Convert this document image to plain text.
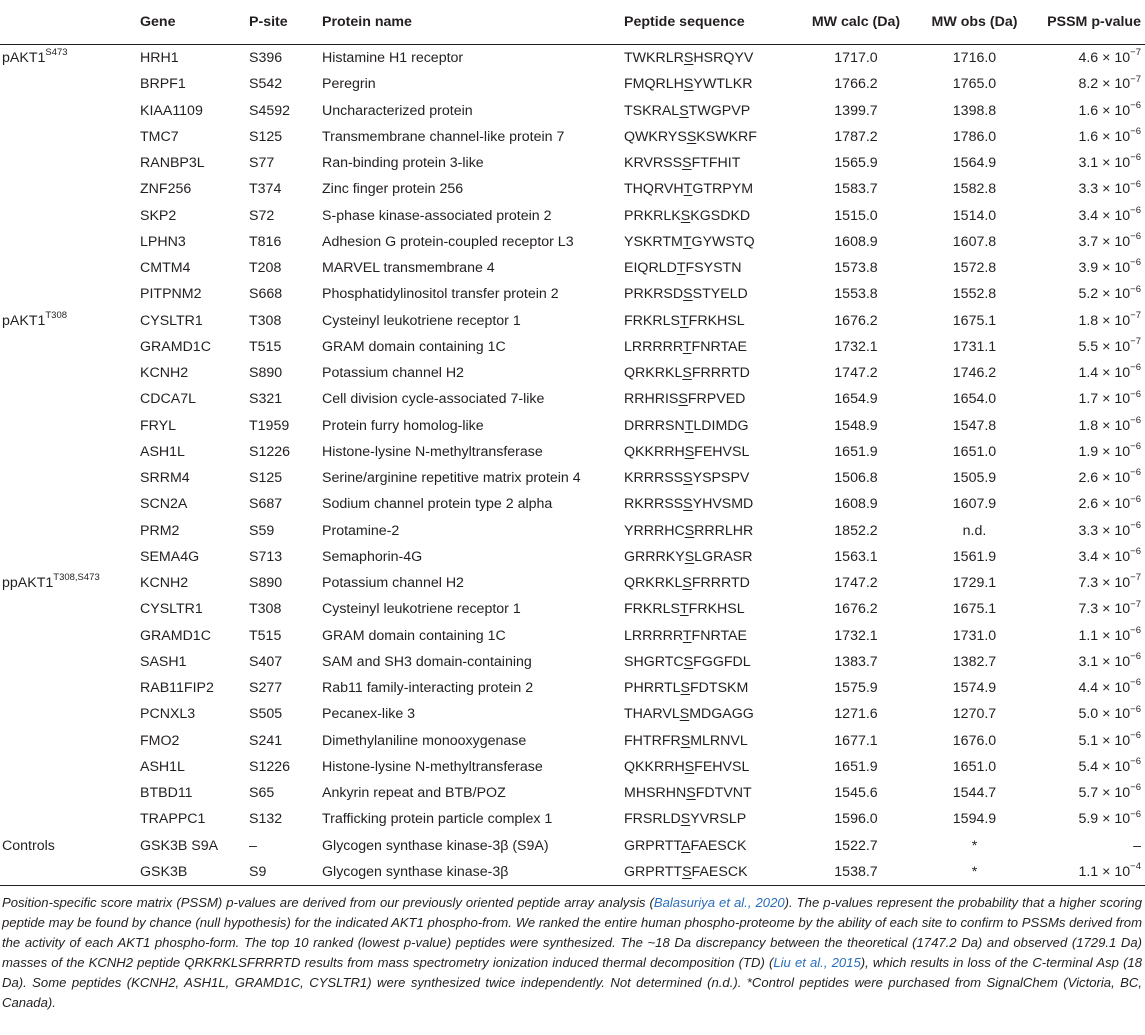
	Gene	P-site	Protein name	Peptide sequence	MW calc (Da)	MW obs (Da)	PSSM p-value
$pAKT1^{S473}$	HRH1	S396	Histamine H1 receptor	TWKRLRSHSRQYV	1717.0	1716.0	$4.6 \times 10^{-7}$
	BRPF1	S542	Peregrin	FMQRLHSYWTLKR	1766.2	1765.0	$8.2 \times 10^{-7}$
	KIAA1109	S4592	Uncharacterized protein	TSKRALSTWGPVP	1399.7	1398.8	$1.6 \times 10^{-6}$
	TMC7	S125	Transmembrane channel-like protein 7	QWKRYSSKSWKRF	1787.2	1786.0	$1.6 \times 10^{-6}$
	RANBP3L	S77	Ran-binding protein 3-like	KRVRSSSFTFHIT	1565.9	1564.9	$3.1 \times 10^{-6}$
	ZNF256	T374	Zinc finger protein 256	THQRVHTGTRPYM	1583.7	1582.8	$3.3 \times 10^{-6}$
	SKP2	S72	S-phase kinase-associated protein 2	PRKRLKSKGSDKD	1515.0	1514.0	$3.4 \times 10^{-6}$
	LPHN3	T816	Adhesion G protein-coupled receptor L3	YSKRTMTGYWSTQ	1608.9	1607.8	$3.7 \times 10^{-6}$
	CMTM4	T208	MARVEL transmembrane 4	EIQRLDTFSYSTN	1573.8	1572.8	$3.9 \times 10^{-6}$
	PITPNM2	S668	Phosphatidylinositol transfer protein 2	PRKRSDSSTYELD	1553.8	1552.8	$5.2 \times 10^{-6}$
$pAKT1^{T308}$	CYSLTR1	T308	Cysteinyl leukotriene receptor 1	FRKRLSTFRKHSL	1676.2	1675.1	$1.8 \times 10^{-7}$
	GRAMD1C	T515	GRAM domain containing 1C	LRRRRRTFNRTAE	1732.1	1731.1	$5.5 \times 10^{-7}$
	KCNH2	S890	Potassium channel H2	QRKRKLSFRRRTD	1747.2	1746.2	$1.4 \times 10^{-6}$
	CDCA7L	S321	Cell division cycle-associated 7-like	RRHRISSFRPVED	1654.9	1654.0	$1.7 \times 10^{-6}$
	FRYL	T1959	Protein furry homolog-like	DRRRSNTLDIMDG	1548.9	1547.8	$1.8 \times 10^{-6}$
	ASH1L	S1226	Histone-lysine N-methyltransferase	QKKRRHSFEHVSL	1651.9	1651.0	$1.9 \times 10^{-6}$
	SRRM4	S125	Serine/arginine repetitive matrix protein 4	KRRRSSSYSPSPV	1506.8	1505.9	$2.6 \times 10^{-6}$
	SCN2A	S687	Sodium channel protein type 2 alpha	RKRRSSSYHVSMD	1608.9	1607.9	$2.6 \times 10^{-6}$
	PRM2	S59	Protamine-2	YRRRHCSRRRLHR	1852.2	n.d.	$3.3 \times 10^{-6}$
	SEMA4G	S713	Semaphorin-4G	GRRRKYSLGRASR	1563.1	1561.9	$3.4 \times 10^{-6}$
$ppAKT1^{T308,S473}$	KCNH2	S890	Potassium channel H2	QRKRKLSFRRRTD	1747.2	1729.1	$7.3 \times 10^{-7}$
	CYSLTR1	T308	Cysteinyl leukotriene receptor 1	FRKRLSTFRKHSL	1676.2	1675.1	$7.3 \times 10^{-7}$
	GRAMD1C	T515	GRAM domain containing 1C	LRRRRRTFNRTAE	1732.1	1731.0	$1.1 \times 10^{-6}$
	SASH1	S407	SAM and SH3 domain-containing	SHGRTCSFGGFDL	1383.7	1382.7	$3.1 \times 10^{-6}$
	RAB11FIP2	S277	Rab11 family-interacting protein 2	PHRRTLSFDTSKM	1575.9	1574.9	$4.4 \times 10^{-6}$
	PCNXL3	S505	Pecanex-like 3	THARVLSMDGAGG	1271.6	1270.7	$5.0 \times 10^{-6}$
	FMO2	S241	Dimethylaniline monooxygenase	FHTRFRSMLRNVL	1677.1	1676.0	$5.1 \times 10^{-6}$
	ASH1L	S1226	Histone-lysine N-methyltransferase	QKKRRHSFEHVSL	1651.9	1651.0	$5.4 \times 10^{-6}$
	BTBD11	S65	Ankyrin repeat and BTB/POZ	MHSRHNSFDTVNT	1545.6	1544.7	$5.7 \times 10^{-6}$
	TRAPPC1	S132	Trafficking protein particle complex 1	FRSRLDSYVRSLP	1596.0	1594.9	$5.9 \times 10^{-6}$
Controls	GSK3B S9A	–	Glycogen synthase kinase-3β (S9A)	GRPRTTAFAESCK	1522.7	*	–
	GSK3B	S9	Glycogen synthase kinase-3β	GRPRTTSFAESCK	1538.7	*	$1.1 \times 10^{-4}$
Position-specific score matrix (PSSM) p-values are derived from our previously oriented peptide array analysis (Balasuriya et al., 2020). The p-values represent the probability that a higher scoring peptide may be found by chance (null hypothesis) for the indicated AKT1 phospho-from. We ranked the entire human phospho-proteome by the ability of each site to confirm to PSSMs derived from the activity of each AKT1 phospho-form. The top 10 ranked (lowest p-value) peptides were synthesized. The ~18 Da discrepancy between the theoretical (1747.2 Da) and observed (1729.1 Da) masses of the KCNH2 peptide QRKRKLSFRRRTD results from mass spectrometry ionization induced thermal decomposition (TD) (Liu et al., 2015), which results in loss of the C-terminal Asp (18 Da). Some peptides (KCNH2, ASH1L, GRAMD1C, CYSLTR1) were synthesized twice independently. Not determined (n.d.). *Control peptides were purchased from SignalChem (Victoria, BC, Canada).
